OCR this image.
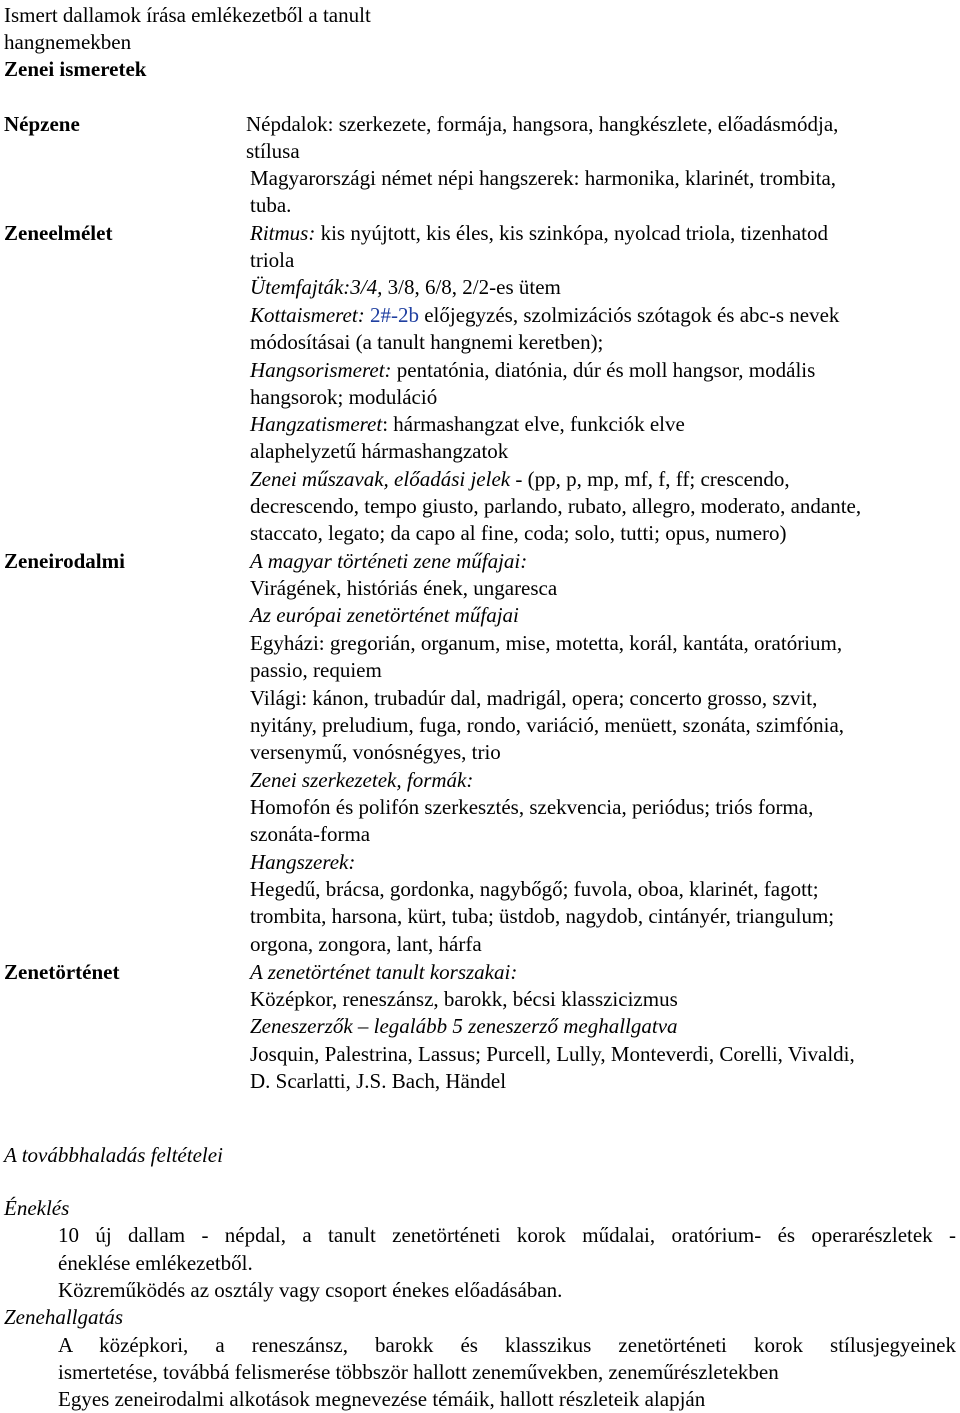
Ismert dallamok írása emlékezetből a tanult
hangnemekben
Zenei ismeretek
Népzene
Zeneelmélet
Zeneirodalmi
Zenetörténet
Népdalok: szerkezete, formája, hangsora, hangkészlete, előadásmódja,
stílusa
Magyarországi német népi hangszerek: harmonika, klarinét, trombita,
tuba.
Ritmus: kis nyújtott, kis éles, kis szinkópa, nyolcad triola, tizenhatod
triola
Ütemfajták:3/4, 3/8, 6/8, 2/2-es ütem
Kottaismeret: 2#-2b előjegyzés, szolmizációs szótagok és abc-s nevek
módosításai (a tanult hangnemi keretben);
Hangsorismeret: pentatónia, diatónia, dúr és moll hangsor, modális
hangsorok; moduláció
Hangzatismeret: hármashangzat elve, funkciók elve
alaphelyzetű hármashangzatok
Zenei műszavak, előadási jelek - (pp, p, mp, mf, f, ff; crescendo,
decrescendo, tempo giusto, parlando, rubato, allegro, moderato, andante,
staccato, legato; da capo al fine, coda; solo, tutti; opus, numero)
A magyar történeti zene műfajai:
Virágének, históriás ének, ungaresca
Az európai zenetörténet műfajai
Egyházi: gregorián, organum, mise, motetta, korál, kantáta, oratórium,
passio, requiem
Világi: kánon, trubadúr dal, madrigál, opera; concerto grosso, szvit,
nyitány, preludium, fuga, rondo, variáció, menüett, szonáta, szimfónia,
versenymű, vonósnégyes, trio
Zenei szerkezetek, formák:
Homofón és polifón szerkesztés, szekvencia, periódus; triós forma,
szonáta-forma
Hangszerek:
Hegedű, brácsa, gordonka, nagybőgő; fuvola, oboa, klarinét, fagott;
trombita, harsona, kürt, tuba; üstdob, nagydob, cintányér, triangulum;
orgona, zongora, lant, hárfa
A zenetörténet tanult korszakai:
Középkor, reneszánsz, barokk, bécsi klasszicizmus
Zeneszerzők – legalább 5 zeneszerző meghallgatva
Josquin, Palestrina, Lassus; Purcell, Lully, Monteverdi, Corelli, Vivaldi,
D. Scarlatti, J.S. Bach, Händel
A továbbhaladás feltételei
Éneklés
10 új dallam - népdal, a tanult zenetörténeti korok műdalai, oratórium- és operarészletek -
éneklése emlékezetből.
Közreműködés az osztály vagy csoport énekes előadásában.
Zenehallgatás
A középkori, a reneszánsz, barokk és klasszikus zenetörténeti korok stílusjegyeinek
ismertetése, továbbá felismerése többször hallott zeneművekben, zeneműrészletekben
Egyes zeneirodalmi alkotások megnevezése témáik, hallott részleteik alapján
